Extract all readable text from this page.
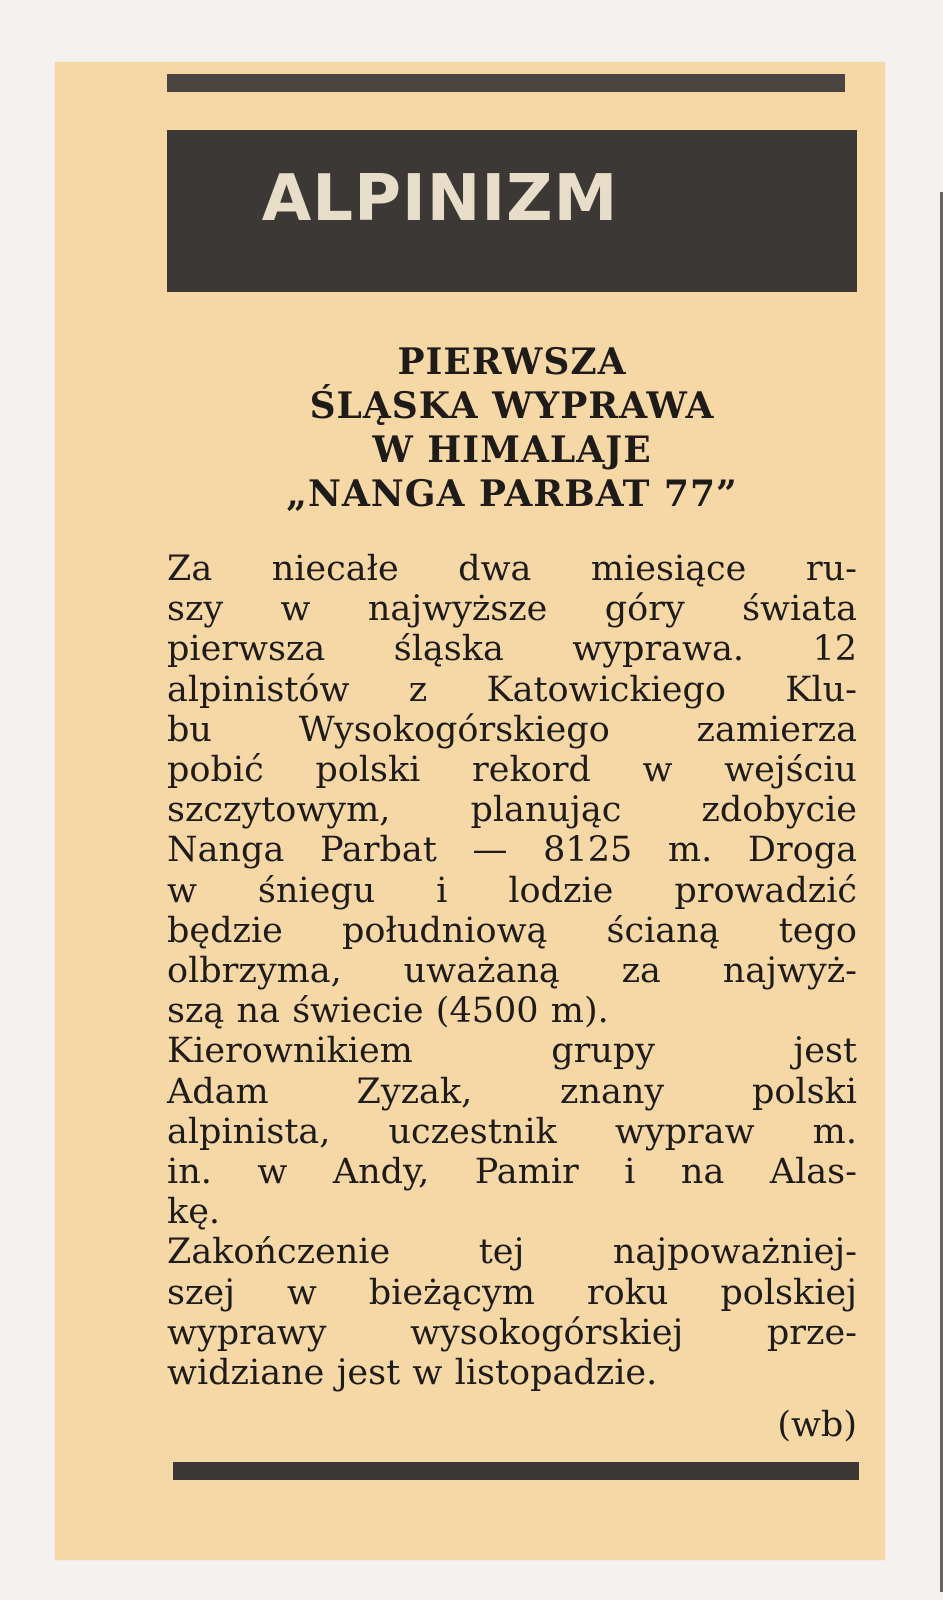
ALPINIZM
PIERWSZA
ŚLĄSKA WYPRAWA
W HIMALAJE
„NANGA PARBAT 77”
Za niecałe dwa miesiące ru-
szy w najwyższe góry świata
pierwsza śląska wyprawa. 12
alpinistów z Katowickiego Klu-
bu Wysokogórskiego zamierza
pobić polski rekord w wejściu
szczytowym, planując zdobycie
Nanga Parbat — 8125 m. Droga
w śniegu i lodzie prowadzić
będzie południową ścianą tego
olbrzyma, uważaną za najwyż-
szą na świecie (4500 m).
Kierownikiem	grupy	jest
Adam	Zyzak,	znany	polski
alpinista, uczestnik wypraw m.
in. w Andy, Pamir i na Alas-
kę.
Zakończenie	tej	najpoważniej-
szej w bieżącym roku polskiej
wyprawy wysokogórskiej prze-
widziane jest w listopadzie.
(wb)
